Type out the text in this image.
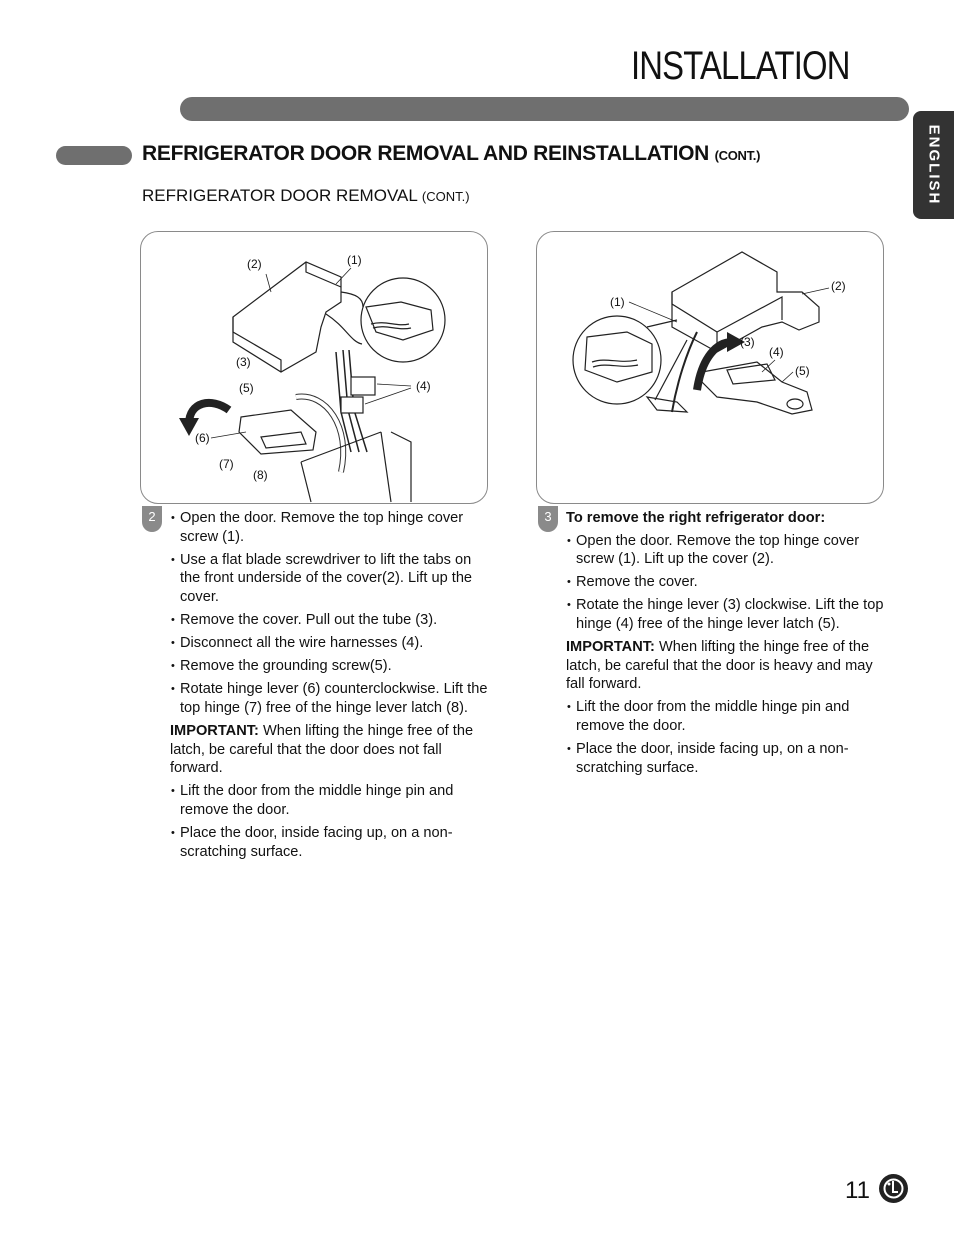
INSTALLATION
ENGLISH
REFRIGERATOR DOOR REMOVAL AND REINSTALLATION (CONT.)
REFRIGERATOR DOOR REMOVAL (CONT.)
(2)	(1)
(3)
(5)	(4)
(6)
(7)
(8)
(1)
(2)
(3)
(4)
(5)
2
•	Open the door. Remove the top hinge cover screw (1).
• Use a flat blade screwdriver to lift the tabs on the front underside of the cover(2). Lift up the cover.
• Remove the cover. Pull out the tube (3).
• Disconnect all the wire harnesses (4).
• Remove the grounding screw(5).
• Rotate hinge lever (6) counterclockwise. Lift the top hinge (7) free of the hinge lever latch (8).

IMPORTANT: When lifting the hinge free of the latch, be careful that the door does not fall forward.

• Lift the door from the middle hinge pin and remove the door.
• Place the door, inside facing up, on a non-scratching surface.
3 To remove the right refrigerator door:

• Open the door. Remove the top hinge cover screw (1). Lift up the cover (2).
• Remove the cover.
• Rotate the hinge lever (3) clockwise. Lift the top hinge (4) free of the hinge lever latch (5).

IMPORTANT: When lifting the hinge free of the latch, be careful that the door is heavy and may fall forward.

• Lift the door from the middle hinge pin and remove the door.
• Place the door, inside facing up, on a non-scratching surface.
11
